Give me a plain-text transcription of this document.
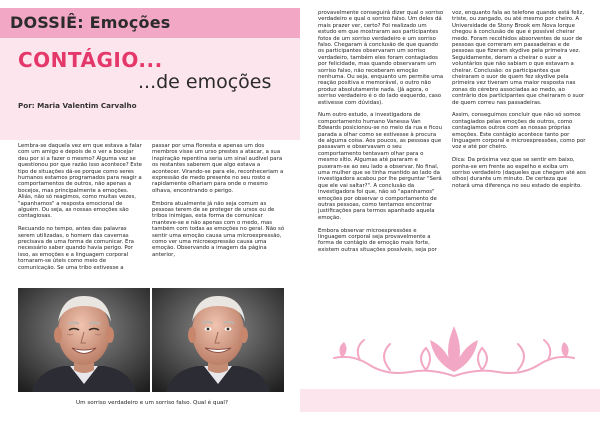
DOSSIÊ: Emoções
CONTÁGIO...
...de emoções
Por: Maria Valentim Carvalho

Lembra-se daquela vez em que estava a falar com um amigo e depois de o ver a bocejar deu por si a fazer o mesmo? Alguma vez se questionou por que razão isso acontece? Este tipo de situações dá-se porque como seres humanos estamos programados para reagir a comportamentos de outros, não apenas a bocejos, mas principalmente a emoções. Aliás, não só reagimos, como muitas vezes, "apanhamos" a resposta emocional de alguém. Ou seja, as nossas emoções são contagiosas.

Recuando no tempo, antes das palavras serem utilizadas, o homem das cavernas precisava de uma forma de comunicar. Era necessário saber quando havia perigo. Por isso, as emoções e a linguagem corporal tornaram-se úteis como meio de comunicação. Se uma tribo estivesse a

passar por uma floresta e apenas um dos membros visse um urso prestes a atacar, a sua inspiração repentina seria um sinal audível para os restantes saberem que algo estava a acontecer. Virando-se para ele, reconheceriam a expressão de medo presente no seu rosto e rapidamente olhariam para onde o mesmo olhava, encontrando o perigo.

Embora atualmente já não seja comum as pessoas terem de se proteger de ursos ou de tribos inimigas, esta forma de comunicar manteve-se e não apenas com o medo, mas também com todas as emoções no geral. Não só sentir uma emoção causa uma microexpressão, como ver uma microexpressão causa uma emoção. Observando a imagem da página anterior,

Um sorriso verdadeiro e um sorriso falso. Qual é qual?

provavelmente conseguirá dizer qual o sorriso verdadeiro e qual o sorriso falso. Um deles dá mais prazer ver, certo? Foi realizado um estudo em que mostraram aos participantes fotos de um sorriso verdadeiro e um sorriso falso. Chegaram à conclusão de que quando os participantes observaram um sorriso verdadeiro, também eles foram contagiados por felicidade, mas quando observaram um sorriso falso, não receberam emoção nenhuma. Ou seja, enquanto um permite uma reação positiva e memorável, o outro não produz absolutamente nada. (Já agora, o sorriso verdadeiro é o do lado esquerdo, caso estivesse com dúvidas).

Num outro estudo, a investigadora de comportamento humano Vanessa Van Edwards posicionou-se no meio da rua e ficou parada a olhar como se estivesse à procura de alguma coisa. Aos poucos, as pessoas que passavam e observavam o seu comportamento tentavam olhar para o mesmo sítio. Algumas até pararam e puseram-se ao seu lado a observar. No final, uma mulher que se tinha mantido ao lado da investigadora acabou por lhe perguntar "Será que ele vai saltar?". A conclusão da investigadora foi que, não só "apanhamos" emoções por observar o comportamento de outras pessoas, como tentamos encontrar justificações para termos apanhado aquela emoção.

Embora observar microexpressões e linguagem corporal seja provavelmente a forma de contágio de emoção mais forte, existem outras situações possíveis, seja por

voz, enquanto fala ao telefone quando está feliz, triste, ou zangado, ou até mesmo por cheiro. A Universidade de Stony Brook em Nova Iorque chegou à conclusão de que é possível cheirar medo. Foram recolhidos absorventes de suor de pessoas que correram em passadeiras e de pessoas que fizeram skydive pela primeira vez. Seguidamente, deram a cheirar o suor a voluntários que não sabiam o que estavam a cheirar. Conclusão: os participantes que cheiraram o suor de quem fez skydive pela primeira vez tiveram uma maior resposta nas zonas do cérebro associadas ao medo, ao contrário dos participantes que cheiraram o suor de quem correu nas passadeiras.

Assim, conseguimos concluir que não só somos contagiados pelas emoções de outros, como contagiamos outros com as nossas próprias emoções. Este contágio acontece tanto por linguagem corporal e microexpressões, como por voz e até por cheiro.

Dica: Da próxima vez que se sentir em baixo, ponha-se em frente ao espelho e exiba um sorriso verdadeiro (daqueles que chegam até aos olhos) durante um minuto. De certeza que notará uma diferença no seu estado de espírito.
